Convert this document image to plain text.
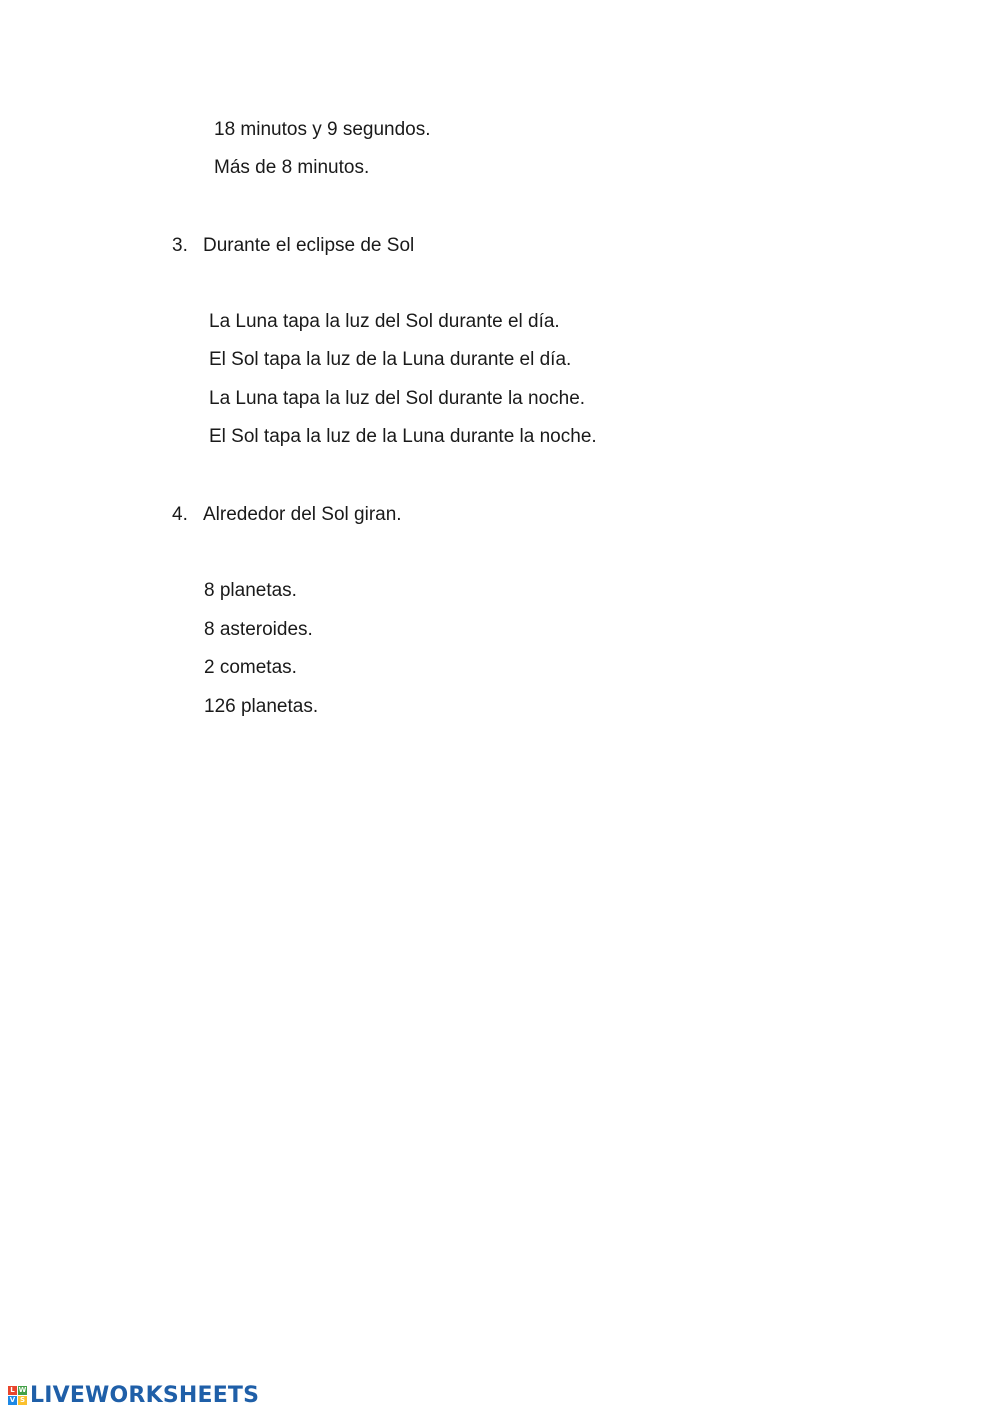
18 minutos y 9 segundos.
Más de 8 minutos.
3. Durante el eclipse de Sol
La Luna tapa la luz del Sol durante el día.
El Sol tapa la luz de la Luna durante el día.
La Luna tapa la luz del Sol durante la noche.
El Sol tapa la luz de la Luna durante la noche.
4. Alrededor del Sol giran.
8 planetas.
8 asteroides.
2 cometas.
126 planetas.
L W
V S LIVEWORKSHEETS
